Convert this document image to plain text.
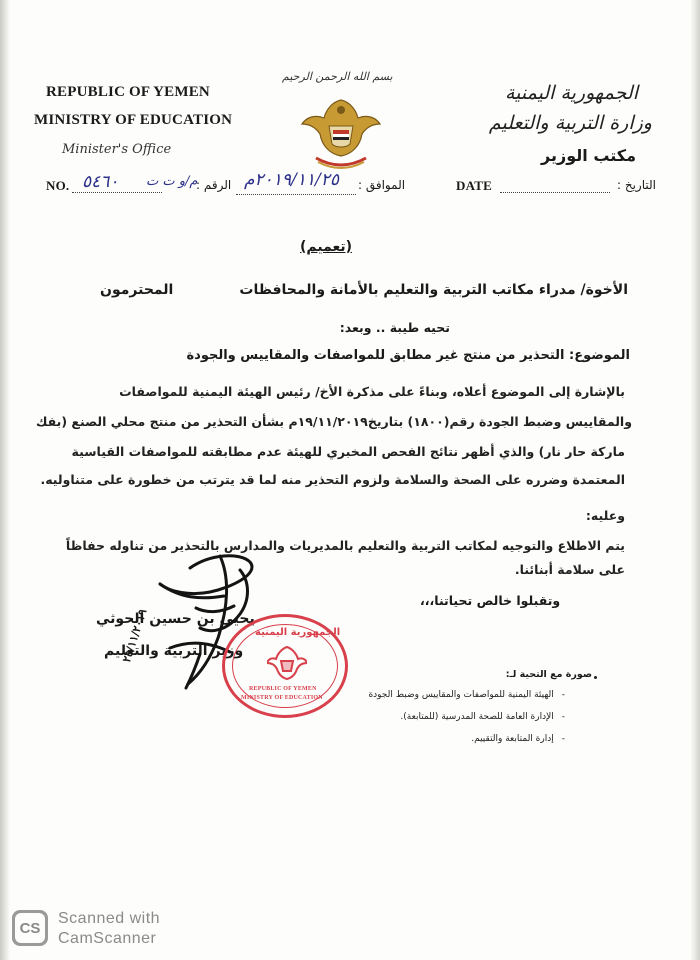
REPUBLIC OF YEMEN
MINISTRY OF EDUCATION
Minister's Office
NO. ٥٤٦٠ م/و ت ت
الرقم :
بسم الله الرحمن الرحيم
الموافق :
٢٠١٩/١١/٢٥م
الجمهورية اليمنية
وزارة التربية والتعليم
مكتب الوزير
DATE	التاريخ :
(تعميم)
الأخوة/ مدراء مكاتب التربية والتعليم بالأمانة والمحافظات
المحترمون
تحيه طيبة .. وبعد:
الموضوع: التحذير من منتج غير مطابق للمواصفات والمقاييس والجودة
بالإشارة إلى الموضوع أعلاه، وبناءً على مذكرة الأخ/ رئيس الهيئة اليمنية للمواصفات
والمقاييس وضبط الجودة رقم(١٨٠٠) بتاريخ١٩/١١/٢٠١٩م بشأن التحذير من منتج محلي الصنع (بفك
ماركة حار نار) والذي أظهر نتائج الفحص المخبري للهيئة عدم مطابقته للمواصفات القياسية
المعتمدة وضرره على الصحة والسلامة ولزوم التحذير منه لما قد يترتب من خطورة على متناوليه.
وعليه:
يتم الاطلاع والتوجيه لمكاتب التربية والتعليم بالمديريات والمدارس بالتحذير من تناوله حفاظاً
على سلامة أبنائنا.
وتقبلوا خالص تحياتنا،،،
يحيى بن حسين الحوثي
وزير التربية والتعليم
٢٥/١١/٢٠١٩	الجمهورية اليمنية
REPUBLIC OF YEMEN
MINISTRY OF EDUCATION
صورة مع التحية لـ:
-الهيئة اليمنية للمواصفات والمقاييس وضبط الجودة
-الإدارة العامة للصحة المدرسية (للمتابعة).
-إدارة المتابعة والتقييم.
CS
Scanned with
CamScanner
